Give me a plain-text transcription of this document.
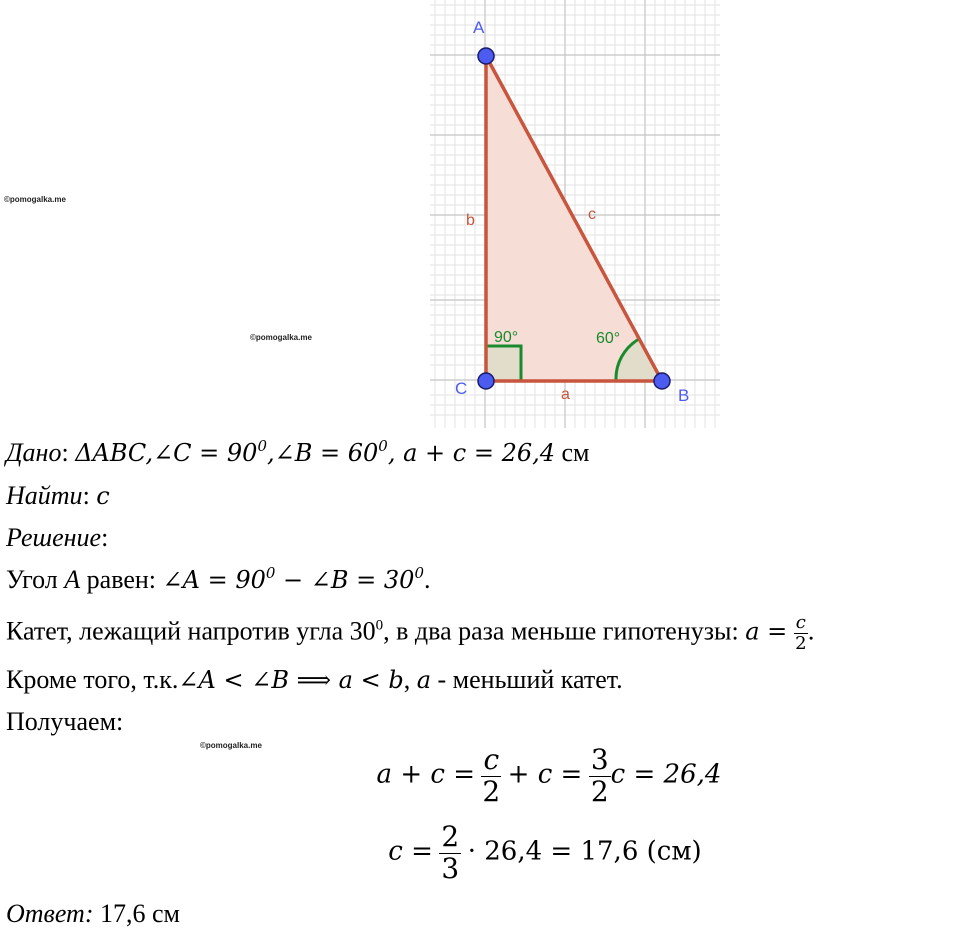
©pomogalka.me
©pomogalka.me
©pomogalka.me
A
C	B
b	c
a
90°	60°
Дано: ΔABC,∠C = $90^0,\angle B = 60^0$, a + c = 26,4 см
Найти: c
Решение:
Угол A равен: ∠A = $90^0$ − ∠B = $30^0$.
Катет, лежащий напротив угла $30^0$, в два раза меньше гипотенузы: $a = \frac{c}{2}$ .
Кроме того, т.к.∠A < ∠B ⟹ a < b, a - меньший катет.
Получаем:
$a + c = \frac{c}{2} + c = \frac{3}{2}$ c = 26,4
$c = \frac{2}{3} \cdot 26,4 = 17,6$ (см)
Ответ: 17,6 см
